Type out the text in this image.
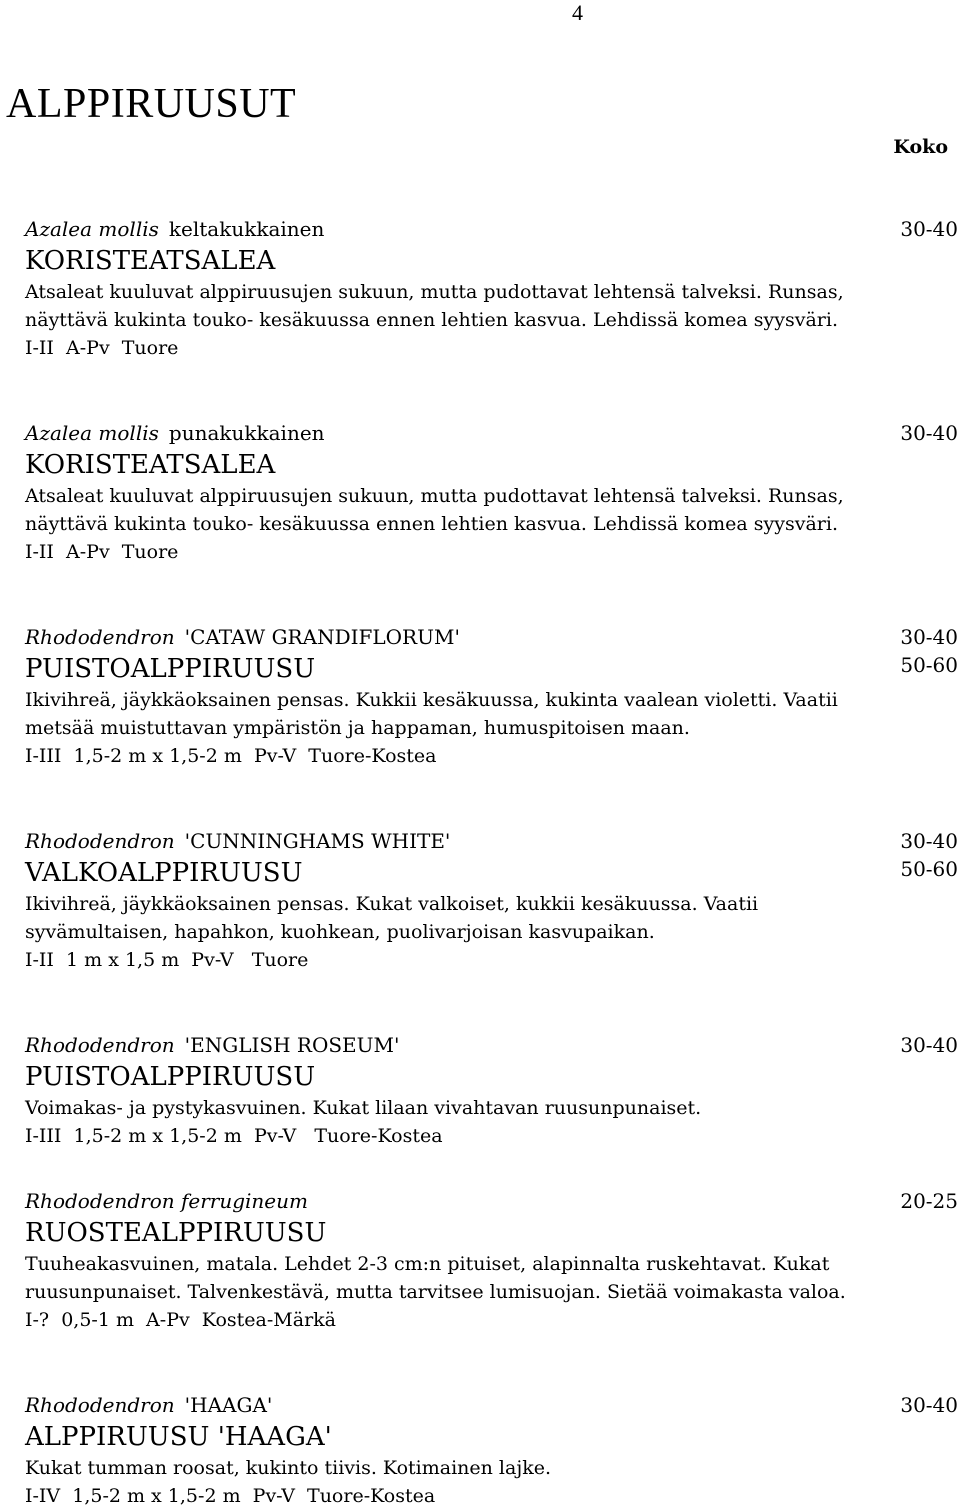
4
ALPPIRUUSUT
Koko
Azalea mollis keltakukkainen	30-40
KORISTEATSALEA
Atsaleat kuuluvat alppiruusujen sukuun, mutta pudottavat lehtensä talveksi. Runsas, näyttävä kukinta touko- kesäkuussa ennen lehtien kasvua. Lehdissä komea syysväri.
I-II  A-Pv  Tuore
Azalea mollis punakukkainen	30-40
KORISTEATSALEA
Atsaleat kuuluvat alppiruusujen sukuun, mutta pudottavat lehtensä talveksi. Runsas, näyttävä kukinta touko- kesäkuussa ennen lehtien kasvua. Lehdissä komea syysväri.
I-II  A-Pv  Tuore
Rhododendron 'CATAW GRANDIFLORUM'	30-40
PUISTOALPPIRUUSU	50-60
Ikivihreä, jäykkäoksainen pensas. Kukkii kesäkuussa, kukinta vaalean violetti. Vaatii metsää muistuttavan ympäristön ja happaman, humuspitoisen maan.
I-III  1,5-2 m x 1,5-2 m  Pv-V  Tuore-Kostea
Rhododendron 'CUNNINGHAMS WHITE'	30-40
VALKOALPPIRUUSU	50-60
Ikivihreä, jäykkäoksainen pensas. Kukat valkoiset, kukkii kesäkuussa. Vaatii syvämultaisen, hapahkon, kuohkean, puolivarjoisan kasvupaikan.
I-II  1 m x 1,5 m  Pv-V   Tuore
Rhododendron 'ENGLISH ROSEUM'	30-40
PUISTOALPPIRUUSU
Voimakas- ja pystykasvuinen. Kukat lilaan vivahtavan ruusunpunaiset.
I-III  1,5-2 m x 1,5-2 m  Pv-V   Tuore-Kostea
Rhododendron ferrugineum	20-25
RUOSTEALPPIRUUSU
Tuuheakasvuinen, matala. Lehdet 2-3 cm:n pituiset, alapinnalta ruskehtavat. Kukat ruusunpunaiset. Talvenkestävä, mutta tarvitsee lumisuojan. Sietää voimakasta valoa.
I-?  0,5-1 m  A-Pv  Kostea-Märkä
Rhododendron 'HAAGA'	30-40
ALPPIRUUSU 'HAAGA'
Kukat tumman roosat, kukinto tiivis. Kotimainen lajke.
I-IV  1,5-2 m x 1,5-2 m  Pv-V  Tuore-Kostea
